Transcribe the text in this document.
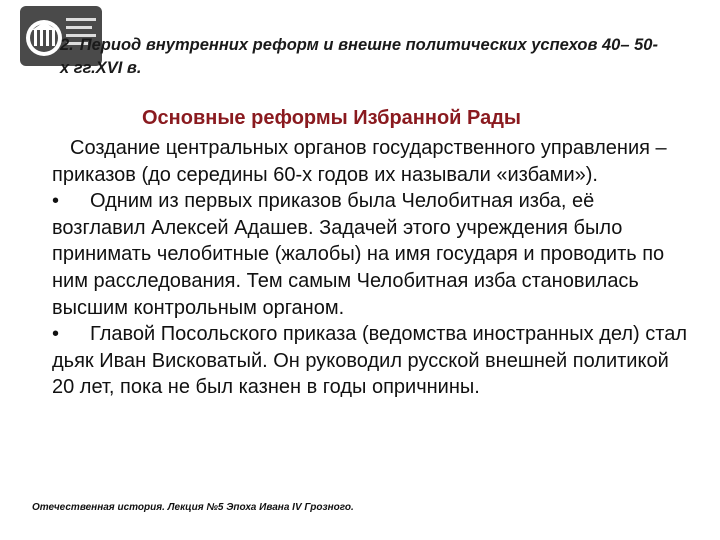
2. Период внутренних реформ и внешне политических успехов 40– 50-х гг.XVI в.
Основные реформы Избранной Рады

Создание центральных органов государственного управления – приказов (до середины 60-х годов их называли «избами»).

• Одним из первых приказов была Челобитная изба, её возглавил Алексей Адашев. Задачей этого учреждения было принимать челобитные (жалобы) на имя государя и проводить по ним расследования. Тем самым Челобитная изба становилась высшим контрольным органом.

• Главой Посольского приказа (ведомства иностранных дел) стал дьяк Иван Висковатый. Он руководил русской внешней политикой 20 лет, пока не был казнен в годы опричнины.

Отечественная история. Лекция №5 Эпоха Ивана IV Грозного.
